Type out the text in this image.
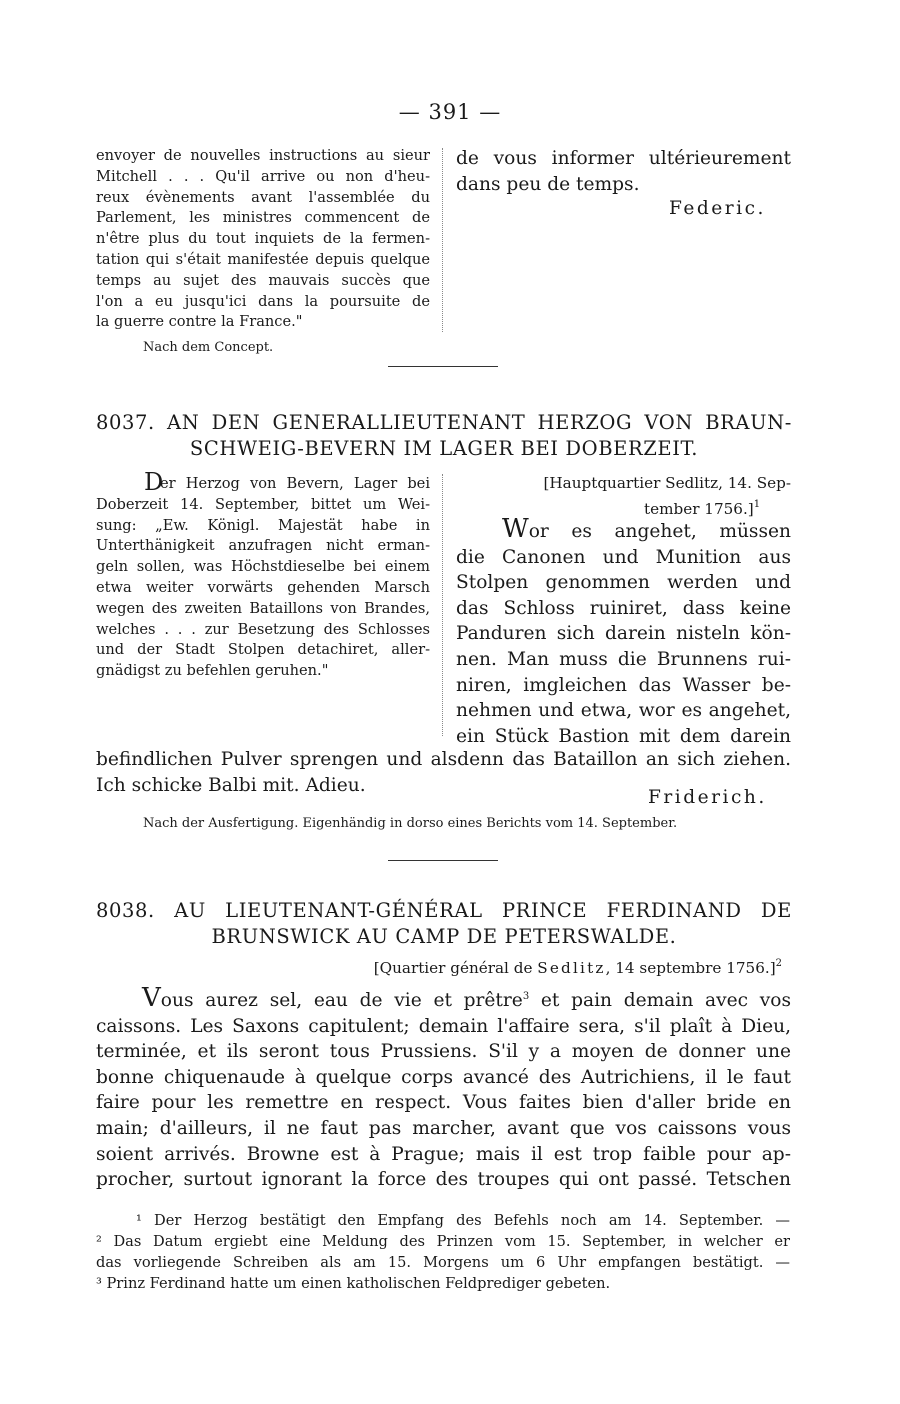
— 391 —
envoyer de nouvelles instructions au sieur
Mitchell . . . Qu'il arrive ou non d'heu-
reux évènements avant l'assemblée du
Parlement, les ministres commencent de
n'être plus du tout inquiets de la fermen-
tation qui s'était manifestée depuis quelque
temps au sujet des mauvais succès que
l'on a eu jusqu'ici dans la poursuite de
la guerre contre la France."
de vous informer ultérieurement
dans peu de temps.
Federic.
Nach dem Concept.
8037. AN DEN GENERALLIEUTENANT HERZOG VON BRAUN-
SCHWEIG-BEVERN IM LAGER BEI DOBERZEIT.
D
er Herzog von Bevern, Lager bei
Doberzeit 14. September, bittet um Wei-
sung: „Ew. Königl. Majestät habe in
Unterthänigkeit anzufragen nicht erman-
geln sollen, was Höchstdieselbe bei einem
etwa weiter vorwärts gehenden Marsch
wegen des zweiten Bataillons von Brandes,
welches . . . zur Besetzung des Schlosses
und der Stadt Stolpen detachiret, aller-
gnädigst zu befehlen geruhen."
[Hauptquartier Sedlitz, 14. Sep-
tember 1756.]$^1$
Wor es angehet, müssen
die Canonen und Munition aus
Stolpen genommen werden und
das Schloss ruiniret, dass keine
Panduren sich darein nisteln kön-
nen. Man muss die Brunnens rui-
niren, imgleichen das Wasser be-
nehmen und etwa, wor es angehet,
ein Stück Bastion mit dem darein
befindlichen Pulver sprengen und alsdenn das Bataillon an sich ziehen.
Ich schicke Balbi mit. Adieu.
Friderich.
Nach der Ausfertigung. Eigenhändig in dorso eines Berichts vom 14. September.
8038. AU LIEUTENANT-GÉNÉRAL PRINCE FERDINAND DE
BRUNSWICK AU CAMP DE PETERSWALDE.
[Quartier général de Sedlitz, 14 septembre 1756.]$^2$
Vous aurez sel, eau de vie et prêtre$^3$ et pain demain avec vos
caissons. Les Saxons capitulent; demain l'affaire sera, s'il plaît à Dieu,
terminée, et ils seront tous Prussiens. S'il y a moyen de donner une
bonne chiquenaude à quelque corps avancé des Autrichiens, il le faut
faire pour les remettre en respect. Vous faites bien d'aller bride en
main; d'ailleurs, il ne faut pas marcher, avant que vos caissons vous
soient arrivés. Browne est à Prague; mais il est trop faible pour ap-
procher, surtout ignorant la force des troupes qui ont passé. Tetschen
¹ Der Herzog bestätigt den Empfang des Befehls noch am 14. September. —
² Das Datum ergiebt eine Meldung des Prinzen vom 15. September, in welcher er
das vorliegende Schreiben als am 15. Morgens um 6 Uhr empfangen bestätigt. —
³ Prinz Ferdinand hatte um einen katholischen Feldprediger gebeten.
